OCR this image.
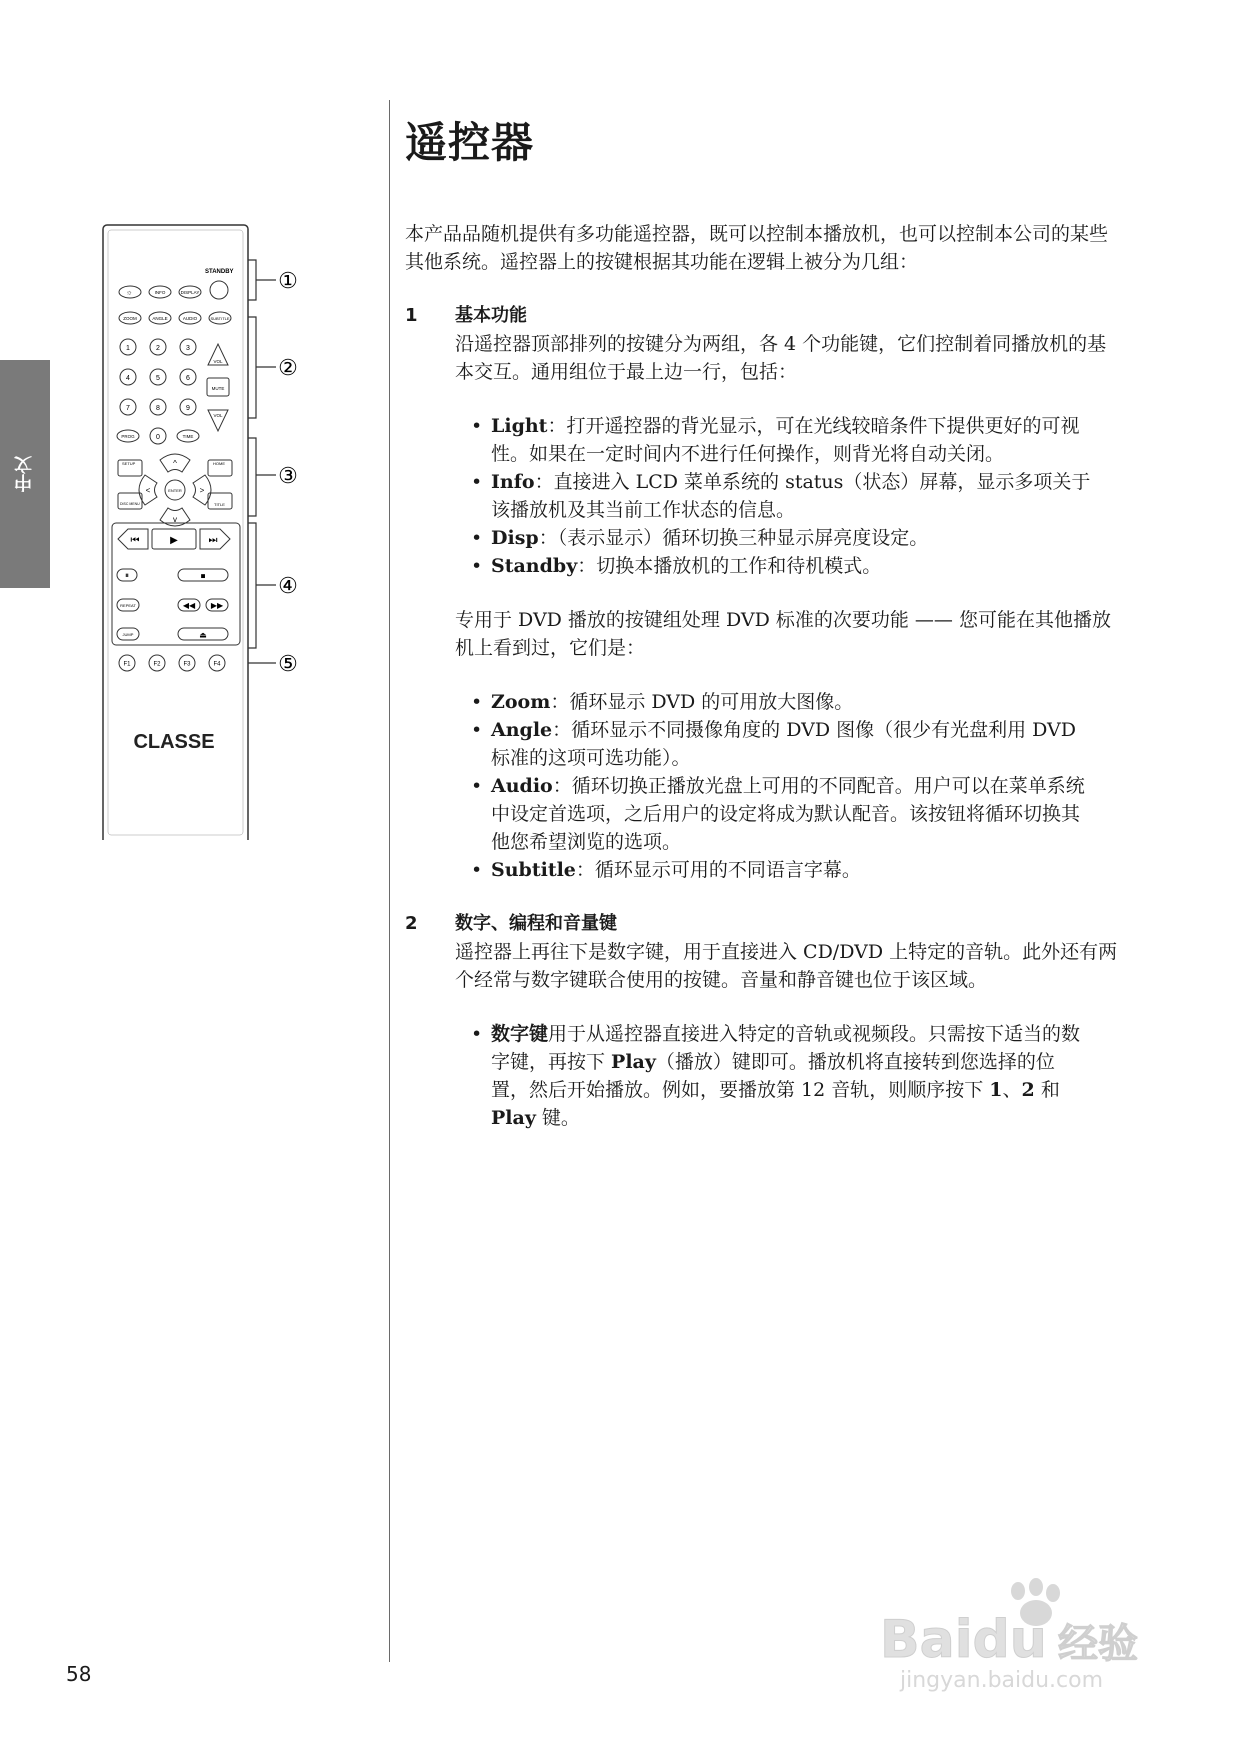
中文
STANDBY
☼	INFO	DISPLAY
ZOOM	ANGLE	AUDIO	SUBTITLE
1	2	3
4	5	6
7	8	9
PROG	0	TIME
VOL
MUTE
VOL
SETUP	HOME
DISC MENU	TITLE
^
v
<	>
ENTER
⏮	▶	⏭
⏸	■
REPEAT	◀◀ ▶▶
JUMP	⏏
F1	F2	F3	F4
CLASSE
①
②
③
④
⑤
遥控器

本产品品随机提供有多功能遥控器，既可以控制本播放机，也可以控制本公司的某些其他系统。遥控器上的按键根据其功能在逻辑上被分为几组：

1	基本功能

沿遥控器顶部排列的按键分为两组，各 4 个功能键，它们控制着同播放机的基本交互。通用组位于最上边一行，包括：

• Light：打开遥控器的背光显示，可在光线较暗条件下提供更好的可视性。如果在一定时间内不进行任何操作，则背光将自动关闭。
• Info：直接进入 LCD 菜单系统的 status（状态）屏幕，显示多项关于该播放机及其当前工作状态的信息。
• Disp：（表示显示）循环切换三种显示屏亮度设定。
• Standby：切换本播放机的工作和待机模式。

专用于 DVD 播放的按键组处理 DVD 标准的次要功能 —— 您可能在其他播放机上看到过，它们是：

• Zoom：循环显示 DVD 的可用放大图像。
• Angle：循环显示不同摄像角度的 DVD 图像（很少有光盘利用 DVD 标准的这项可选功能）。
• Audio：循环切换正播放光盘上可用的不同配音。用户可以在菜单系统中设定首选项，之后用户的设定将成为默认配音。该按钮将循环切换其他您希望浏览的选项。
• Subtitle：循环显示可用的不同语言字幕。
2	数字、编程和音量键

遥控器上再往下是数字键，用于直接进入 CD/DVD 上特定的音轨。此外还有两个经常与数字键联合使用的按键。音量和静音键也位于该区域。

• 数字键用于从遥控器直接进入特定的音轨或视频段。只需按下适当的数字键，再按下 Play（播放）键即可。播放机将直接转到您选择的位置，然后开始播放。例如，要播放第 12 音轨，则顺序按下 1、2 和 Play 键。
58
Baidu 经验
jingyan.baidu.com
